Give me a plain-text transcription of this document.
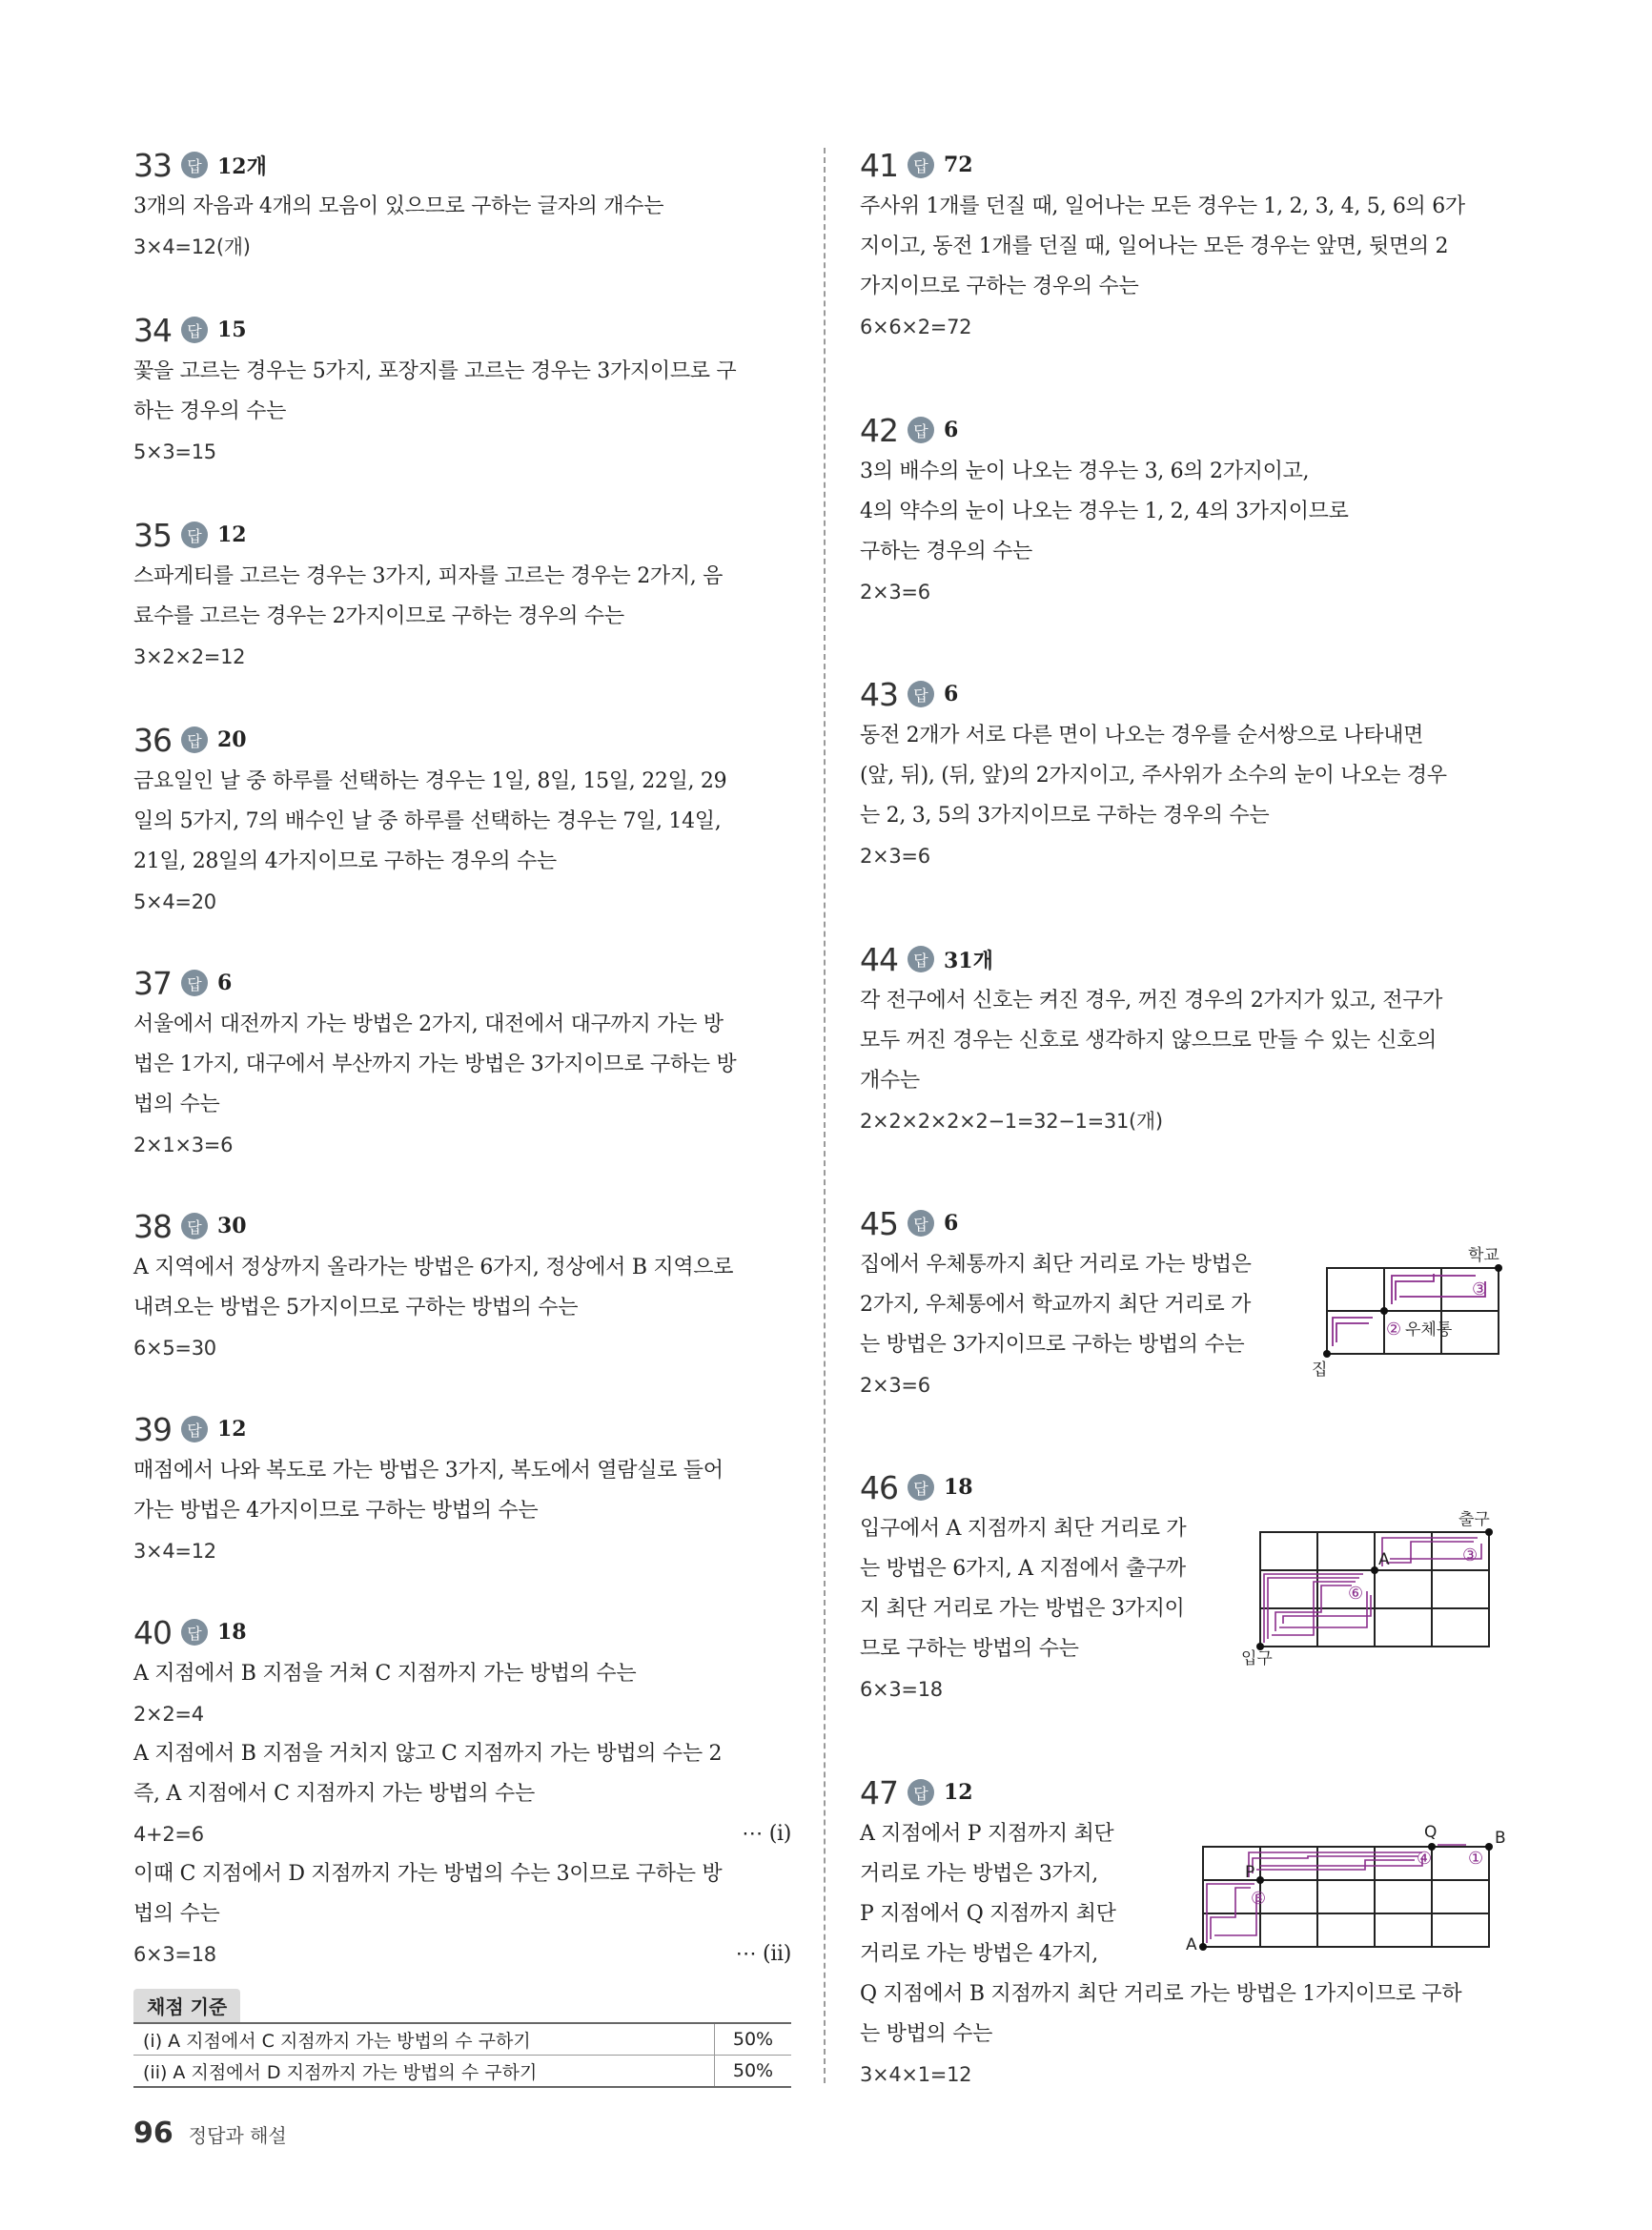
33	답 12개
3개의 자음과 4개의 모음이 있으므로 구하는 글자의 개수는
3×4=12(개)
34	답 15
꽃을 고르는 경우는 5가지, 포장지를 고르는 경우는 3가지이므로 구
하는 경우의 수는
5×3=15
35	답 12
스파게티를 고르는 경우는 3가지, 피자를 고르는 경우는 2가지, 음
료수를 고르는 경우는 2가지이므로 구하는 경우의 수는
3×2×2=12
36	답 20
금요일인 날 중 하루를 선택하는 경우는 1일, 8일, 15일, 22일, 29
일의 5가지, 7의 배수인 날 중 하루를 선택하는 경우는 7일, 14일,
21일, 28일의 4가지이므로 구하는 경우의 수는
5×4=20
37	답 6
서울에서 대전까지 가는 방법은 2가지, 대전에서 대구까지 가는 방
법은 1가지, 대구에서 부산까지 가는 방법은 3가지이므로 구하는 방
법의 수는
2×1×3=6
38	답 30
A 지역에서 정상까지 올라가는 방법은 6가지, 정상에서 B 지역으로
내려오는 방법은 5가지이므로 구하는 방법의 수는
6×5=30
39	답 12
매점에서 나와 복도로 가는 방법은 3가지, 복도에서 열람실로 들어
가는 방법은 4가지이므로 구하는 방법의 수는
3×4=12
40	답 18
A 지점에서 B 지점을 거쳐 C 지점까지 가는 방법의 수는
2×2=4
A 지점에서 B 지점을 거치지 않고 C 지점까지 가는 방법의 수는 2
즉, A 지점에서 C 지점까지 가는 방법의 수는
4+2=6	⋯ (i)
이때 C 지점에서 D 지점까지 가는 방법의 수는 3이므로 구하는 방
법의 수는
6×3=18	⋯ (ii)
채점 기준
(i) A 지점에서 C 지점까지 가는 방법의 수 구하기	50%
(ii) A 지점에서 D 지점까지 가는 방법의 수 구하기	50%
41	답 72
주사위 1개를 던질 때, 일어나는 모든 경우는 1, 2, 3, 4, 5, 6의 6가
지이고, 동전 1개를 던질 때, 일어나는 모든 경우는 앞면, 뒷면의 2
가지이므로 구하는 경우의 수는
6×6×2=72
42	답 6
3의 배수의 눈이 나오는 경우는 3, 6의 2가지이고,
4의 약수의 눈이 나오는 경우는 1, 2, 4의 3가지이므로
구하는 경우의 수는
2×3=6
43	답 6
동전 2개가 서로 다른 면이 나오는 경우를 순서쌍으로 나타내면
(앞, 뒤), (뒤, 앞)의 2가지이고, 주사위가 소수의 눈이 나오는 경우
는 2, 3, 5의 3가지이므로 구하는 경우의 수는
2×3=6
44	답 31개
각 전구에서 신호는 켜진 경우, 꺼진 경우의 2가지가 있고, 전구가
모두 꺼진 경우는 신호로 생각하지 않으므로 만들 수 있는 신호의
개수는
2×2×2×2×2−1=32−1=31(개)
45	답 6
집에서 우체통까지 최단 거리로 가는 방법은
2가지, 우체통에서 학교까지 최단 거리로 가
는 방법은 3가지이므로 구하는 방법의 수는
2×3=6
집
우체통
학교
②
③
46	답 18
입구에서 A 지점까지 최단 거리로 가
는 방법은 6가지, A 지점에서 출구까
지 최단 거리로 가는 방법은 3가지이
므로 구하는 방법의 수는
6×3=18
입구
A
출구
⑥
③
47	답 12
A 지점에서 P 지점까지 최단
거리로 가는 방법은 3가지,
P 지점에서 Q 지점까지 최단
거리로 가는 방법은 4가지,
Q 지점에서 B 지점까지 최단 거리로 가는 방법은 1가지이므로 구하
는 방법의 수는
3×4×1=12
A
P
Q	B
③
④ ①
96 정답과 해설
